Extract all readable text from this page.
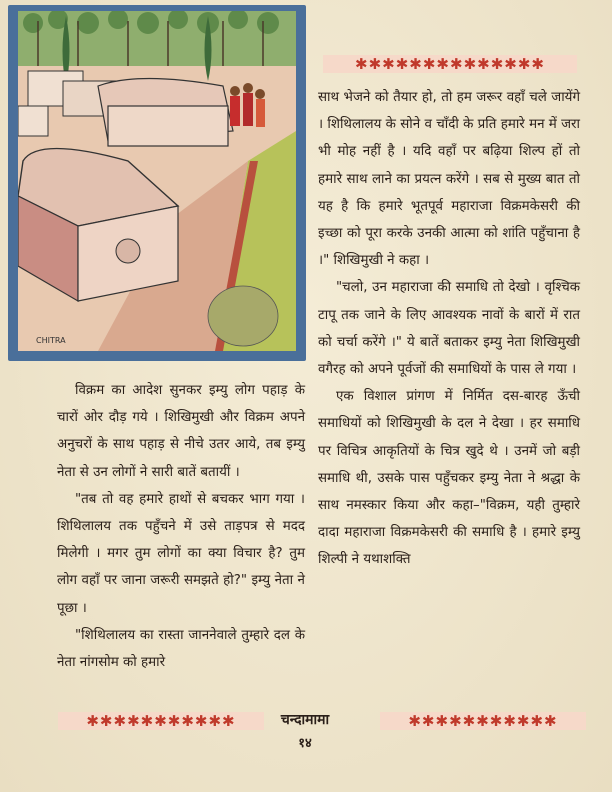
CHITRA
✱✱✱✱✱✱✱✱✱✱✱✱✱✱

साथ भेजने को तैयार हो, तो हम जरूर वहाँ चले जायेंगे । शिथिलालय के सोने व चाँदी के प्रति हमारे मन में जरा भी मोह नहीं है । यदि वहाँ पर बढ़िया शिल्प हों तो हमारे साथ लाने का प्रयत्न करेंगे । सब से मुख्य बात तो यह है कि हमारे भूतपूर्व महाराजा विक्रमकेसरी की इच्छा को पूरा करके उनकी आत्मा को शांति पहुँचाना है ।" शिखिमुखी ने कहा ।

"चलो, उन महाराजा की समाधि तो देखो । वृश्चिक टापू तक जाने के लिए आवश्यक नावों के बारों में रात को चर्चा करेंगे ।" ये बातें बताकर इम्यु नेता शिखिमुखी वगैरह को अपने पूर्वजों की समाधियों के पास ले गया ।

एक विशाल प्रांगण में निर्मित दस-बारह ऊँची समाधियों को शिखिमुखी के दल ने देखा । हर समाधि पर विचित्र आकृतियों के चित्र खुदे थे । उनमें जो बड़ी समाधि थी, उसके पास पहुँचकर इम्यु नेता ने श्रद्धा के साथ नमस्कार किया और कहा–"विक्रम, यही तुम्हारे दादा महाराजा विक्रमकेसरी की समाधि है । हमारे इम्यु शिल्पी ने यथाशक्ति

विक्रम का आदेश सुनकर इम्यु लोग पहाड़ के चारों ओर दौड़ गये । शिखिमुखी और विक्रम अपने अनुचरों के साथ पहाड़ से नीचे उतर आये, तब इम्यु नेता से उन लोगों ने सारी बातें बतायीं ।

"तब तो वह हमारे हाथों से बचकर भाग गया । शिथिलालय तक पहुँचने में उसे ताड़पत्र से मदद मिलेगी । मगर तुम लोगों का क्या विचार है? तुम लोग वहाँ पर जाना जरूरी समझते हो?" इम्यु नेता ने पूछा ।

"शिथिलालय का रास्ता जाननेवाले तुम्हारे दल के नेता नांगसोम को हमारे

✱✱✱✱✱✱✱✱✱✱✱	चन्दामामा	✱✱✱✱✱✱✱✱✱✱✱
१४
